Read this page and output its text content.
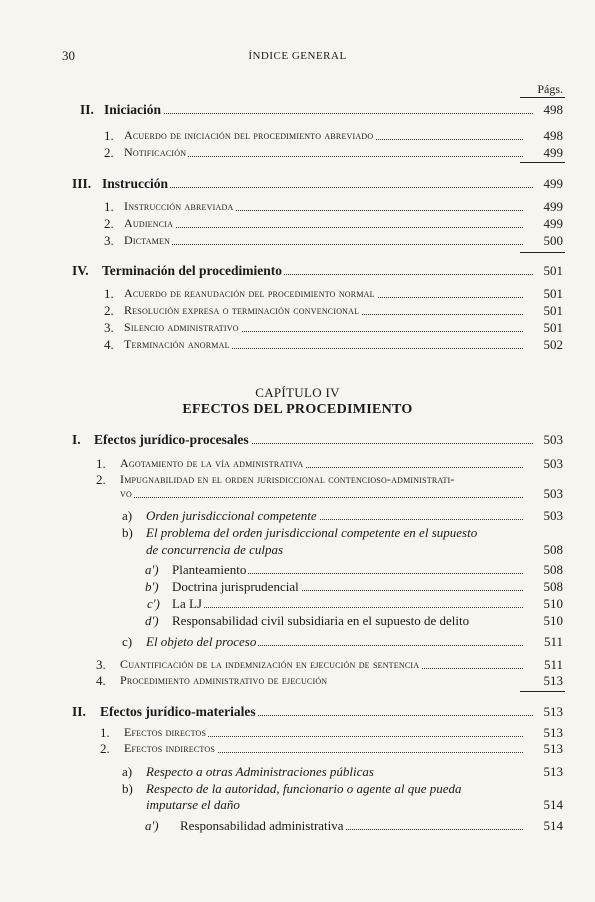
30	ÍNDICE GENERAL
Págs.
II. Iniciación	498
1. Acuerdo de iniciación del procedimiento abreviado	498
2. Notificación	499
III. Instrucción	499
1. Instrucción abreviada	499
2. Audiencia	499
3. Dictamen	500
IV. Terminación del procedimiento	501
1. Acuerdo de reanudación del procedimiento normal	501
2. Resolución expresa o terminación convencional	501
3. Silencio administrativo	501
4. Terminación anormal	502
CAPÍTULO IV
EFECTOS DEL PROCEDIMIENTO
I. Efectos jurídico-procesales	503
1. Agotamiento de la vía administrativa	503
2. Impugnabilidad en el orden jurisdiccional contencioso-administrati-
vo	503
a) Orden jurisdiccional competente	503
b) El problema del orden jurisdiccional competente en el supuesto
de concurrencia de culpas	508
a') Planteamiento	508
b') Doctrina jurisprudencial	508
c') La LJ	510
d') Responsabilidad civil subsidiaria en el supuesto de delito	510
c) El objeto del proceso	511
3. Cuantificación de la indemnización en ejecución de sentencia	511
4. Procedimiento administrativo de ejecución	513
II. Efectos jurídico-materiales	513
1. Efectos directos	513
2. Efectos indirectos	513
a) Respecto a otras Administraciones públicas	513
b) Respecto de la autoridad, funcionario o agente al que pueda
imputarse el daño	514
a') Responsabilidad administrativa	514
